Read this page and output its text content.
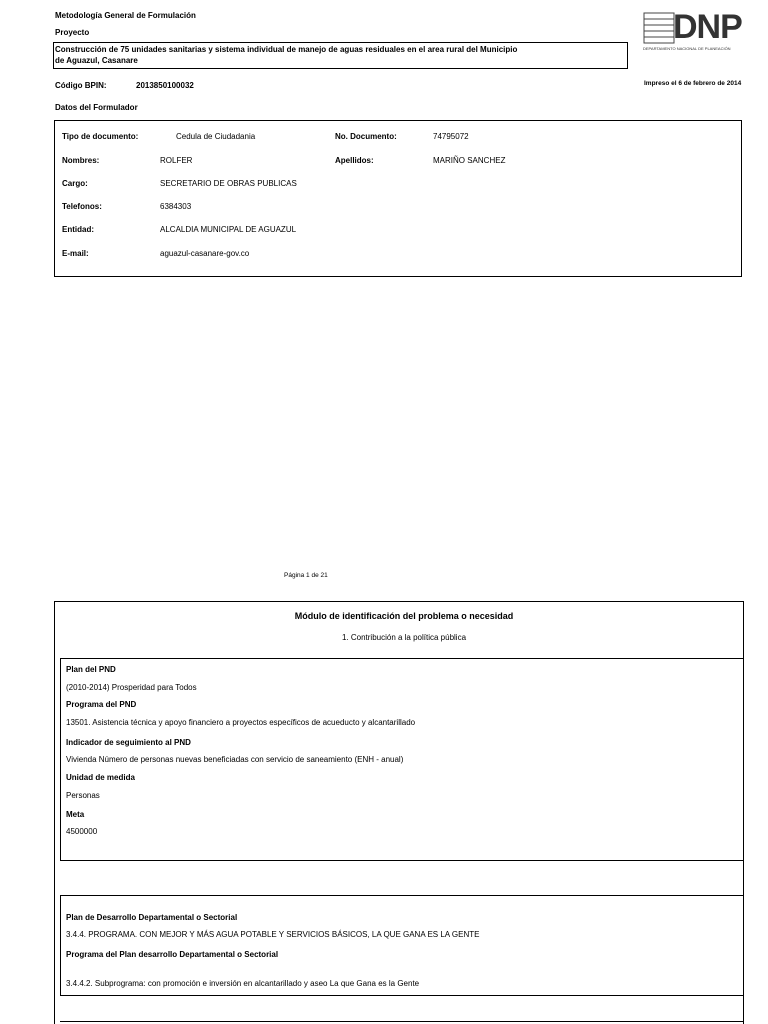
Metodología General de Formulación
Proyecto
Construcción de 75 unidades sanitarias y sistema individual de manejo de aguas residuales en el area rural del Municipio
de Aguazul, Casanare
Código BPIN:	2013850100032	Impreso el 6 de febrero de 2014
Datos del Formulador
DNP
DEPARTAMENTO NACIONAL DE PLANEACIÓN
Tipo de documento:	Cedula de Ciudadania	No. Documento:	74795072
Nombres:	ROLFER	Apellidos:	MARIÑO SANCHEZ
Cargo:	SECRETARIO DE OBRAS PUBLICAS
Telefonos:	6384303
Entidad:	ALCALDIA MUNICIPAL DE AGUAZUL
E-mail:	aguazul-casanare-gov.co
Página 1 de 21
Módulo de identificación del problema o necesidad
1. Contribución a la política pública
Plan del PND
(2010-2014) Prosperidad para Todos
Programa del PND
13501. Asistencia técnica y apoyo financiero a proyectos específicos de acueducto y alcantarillado
Indicador de seguimiento al PND
Vivienda Número de personas nuevas beneficiadas con servicio de saneamiento (ENH - anual)
Unidad de medida
Personas
Meta
4500000
Plan de Desarrollo Departamental o Sectorial
3.4.4. PROGRAMA. CON MEJOR Y MÁS AGUA POTABLE Y SERVICIOS BÁSICOS, LA QUE GANA ES LA GENTE
Programa del Plan desarrollo Departamental o Sectorial
3.4.4.2. Subprograma: con promoción e inversión en alcantarillado y aseo La que Gana es la Gente
